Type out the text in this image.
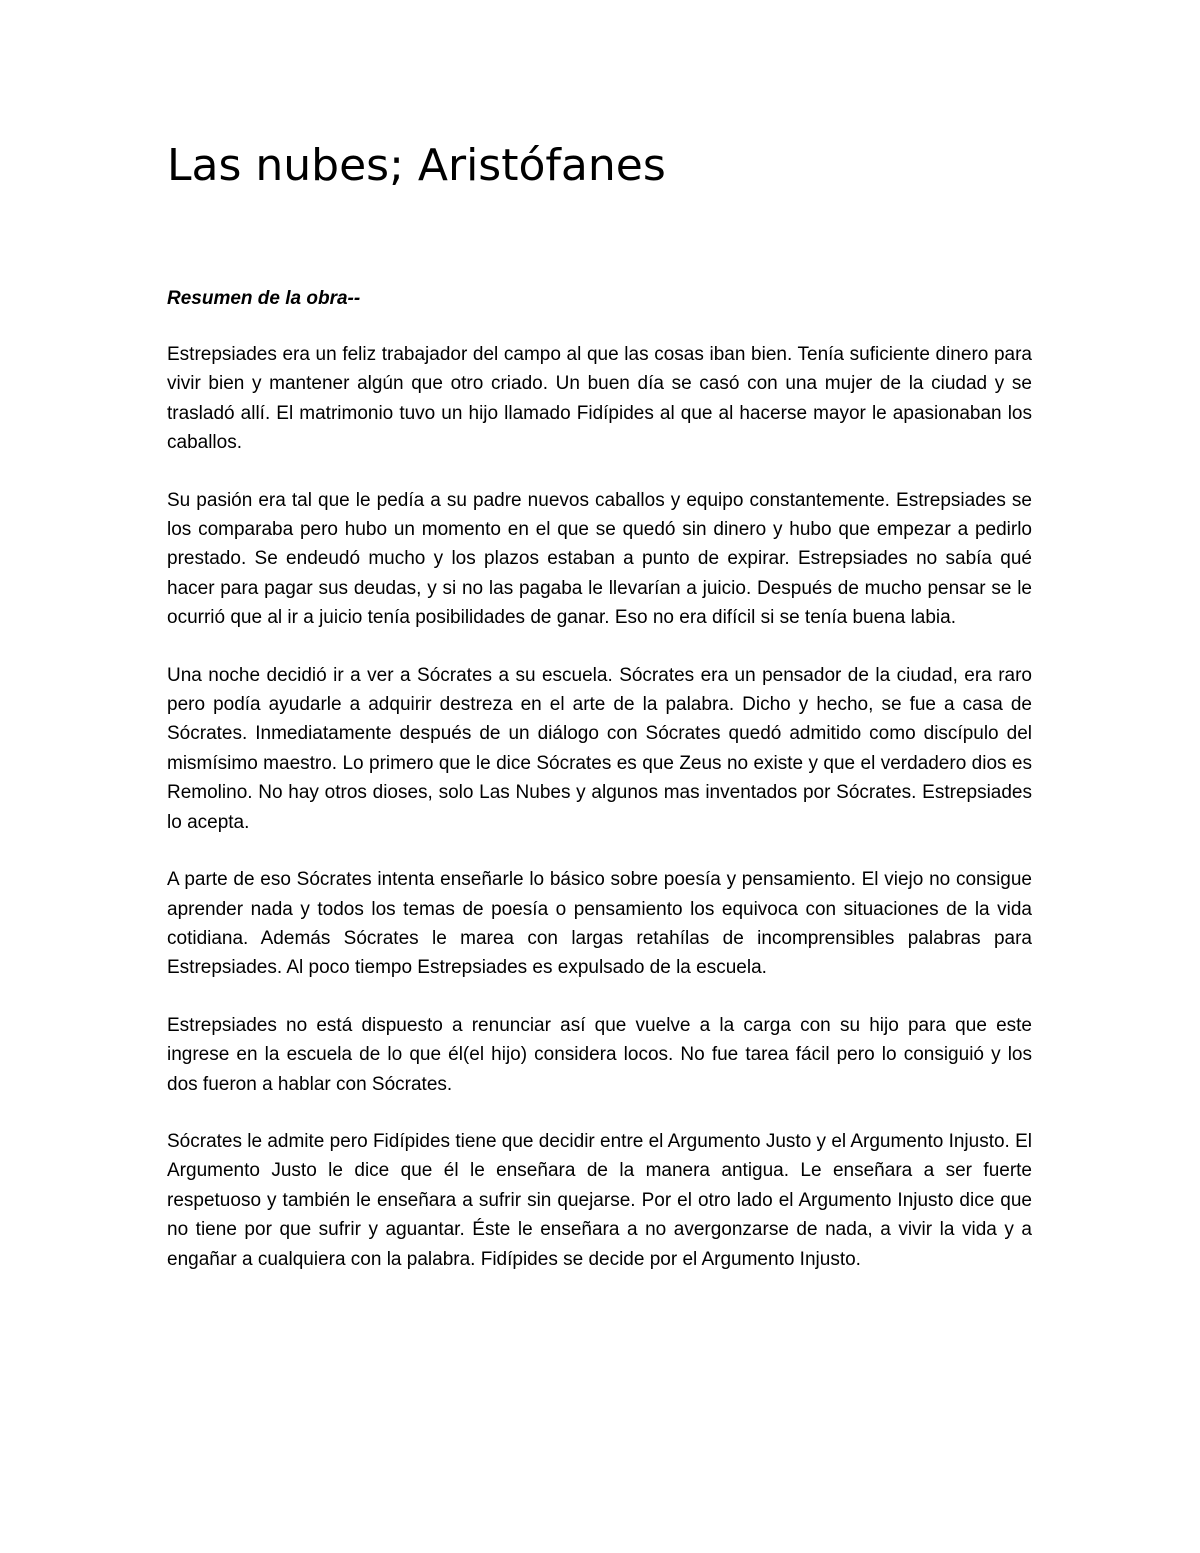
Las nubes; Aristófanes
Resumen de la obra--

Estrepsiades era un feliz trabajador del campo al que las cosas iban bien. Tenía suficiente dinero para vivir bien y mantener algún que otro criado. Un buen día se casó con una mujer de la ciudad y se trasladó allí. El matrimonio tuvo un hijo llamado Fidípides al que al hacerse mayor le apasionaban los caballos.

Su pasión era tal que le pedía a su padre nuevos caballos y equipo constantemente. Estrepsiades se los comparaba pero hubo un momento en el que se quedó sin dinero y hubo que empezar a pedirlo prestado. Se endeudó mucho y los plazos estaban a punto de expirar. Estrepsiades no sabía qué hacer para pagar sus deudas, y si no las pagaba le llevarían a juicio. Después de mucho pensar se le ocurrió que al ir a juicio tenía posibilidades de ganar. Eso no era difícil si se tenía buena labia.

Una noche decidió ir a ver a Sócrates a su escuela. Sócrates era un pensador de la ciudad, era raro pero podía ayudarle a adquirir destreza en el arte de la palabra. Dicho y hecho, se fue a casa de Sócrates. Inmediatamente después de un diálogo con Sócrates quedó admitido como discípulo del mismísimo maestro. Lo primero que le dice Sócrates es que Zeus no existe y que el verdadero dios es Remolino. No hay otros dioses, solo Las Nubes y algunos mas inventados por Sócrates. Estrepsiades lo acepta.

A parte de eso Sócrates intenta enseñarle lo básico sobre poesía y pensamiento. El viejo no consigue aprender nada y todos los temas de poesía o pensamiento los equivoca con situaciones de la vida cotidiana. Además Sócrates le marea con largas retahílas de incomprensibles palabras para Estrepsiades. Al poco tiempo Estrepsiades es expulsado de la escuela.

Estrepsiades no está dispuesto a renunciar así que vuelve a la carga con su hijo para que este ingrese en la escuela de lo que él(el hijo) considera locos. No fue tarea fácil pero lo consiguió y los dos fueron a hablar con Sócrates.

Sócrates le admite pero Fidípides tiene que decidir entre el Argumento Justo y el Argumento Injusto. El Argumento Justo le dice que él le enseñara de la manera antigua. Le enseñara a ser fuerte respetuoso y también le enseñara a sufrir sin quejarse. Por el otro lado el Argumento Injusto dice que no tiene por que sufrir y aguantar. Éste le enseñara a no avergonzarse de nada, a vivir la vida y a engañar a cualquiera con la palabra. Fidípides se decide por el Argumento Injusto.
